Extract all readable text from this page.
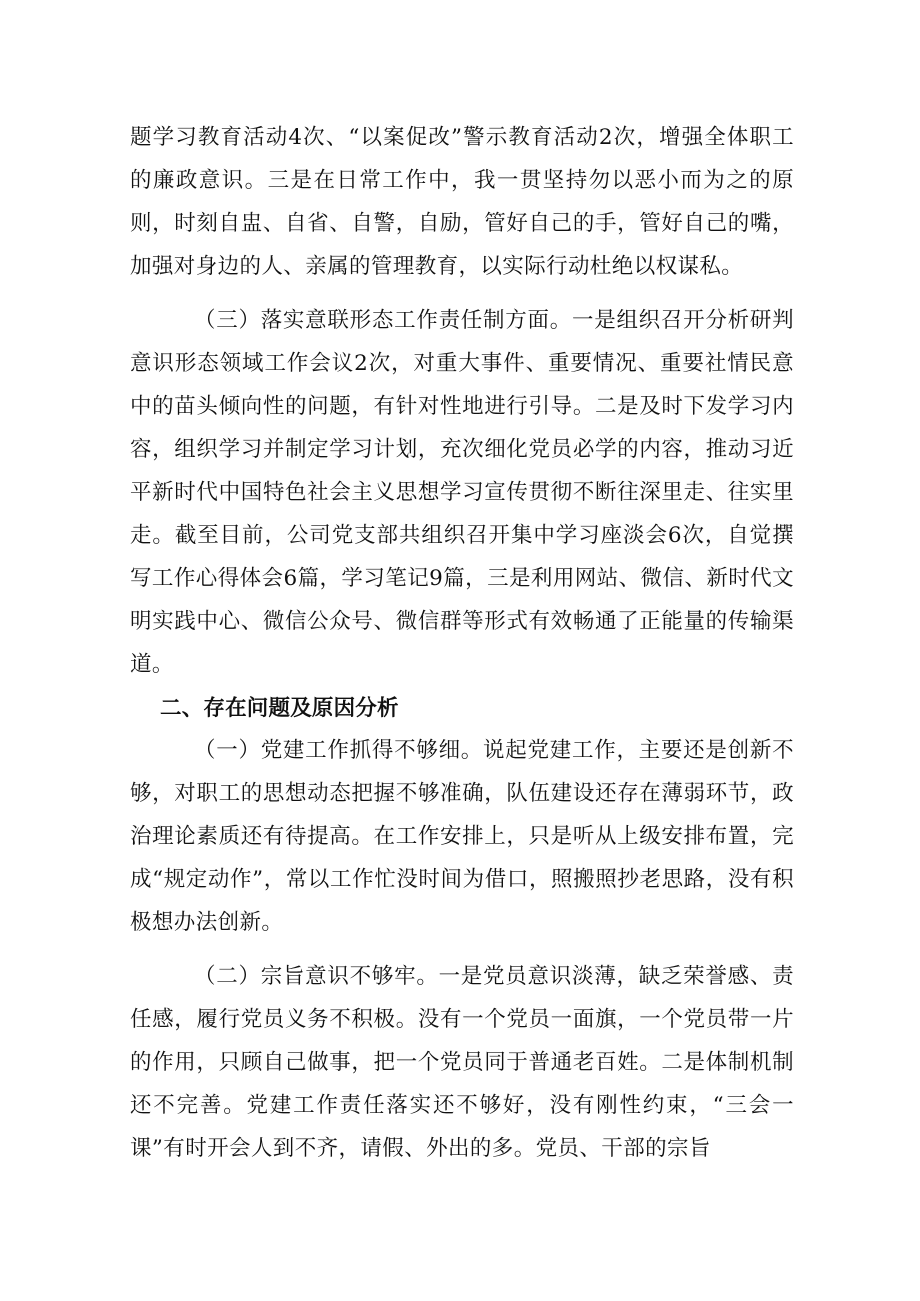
题学习教育活动4次、“以案促改”警示教育活动2次，增强全体职工的廉政意识。三是在日常工作中，我一贯坚持勿以恶小而为之的原则，时刻自盅、自省、自警，自励，管好自己的手，管好自己的嘴，加强对身边的人、亲属的管理教育，以实际行动杜绝以权谋私。

（三）落实意联形态工作责任制方面。一是组织召开分析研判意识形态领域工作会议2次，对重大事件、重要情况、重要社情民意中的苗头倾向性的问题，有针对性地进行引导。二是及时下发学习内容，组织学习并制定学习计划，充次细化党员必学的内容，推动习近平新时代中国特色社会主义思想学习宣传贯彻不断往深里走、往实里走。截至目前，公司党支部共组织召开集中学习座淡会6次，自觉撰写工作心得体会6篇，学习笔记9篇，三是利用网站、微信、新时代文明实践中心、微信公众号、微信群等形式有效畅通了正能量的传输渠道。

二、存在问题及原因分析

（一）党建工作抓得不够细。说起党建工作，主要还是创新不够，对职工的思想动态把握不够准确，队伍建设还存在薄弱环节，政治理论素质还有待提高。在工作安排上，只是听从上级安排布置，完成“规定动作”，常以工作忙没时间为借口，照搬照抄老思路，没有积极想办法创新。

（二）宗旨意识不够牢。一是党员意识淡薄，缺乏荣誉感、责任感，履行党员义务不积极。没有一个党员一面旗，一个党员带一片的作用，只顾自己做事，把一个党员同于普通老百姓。二是体制机制还不完善。党建工作责任落实还不够好，没有刚性约束，“三会一课”有时开会人到不齐，请假、外出的多。党员、干部的宗旨
